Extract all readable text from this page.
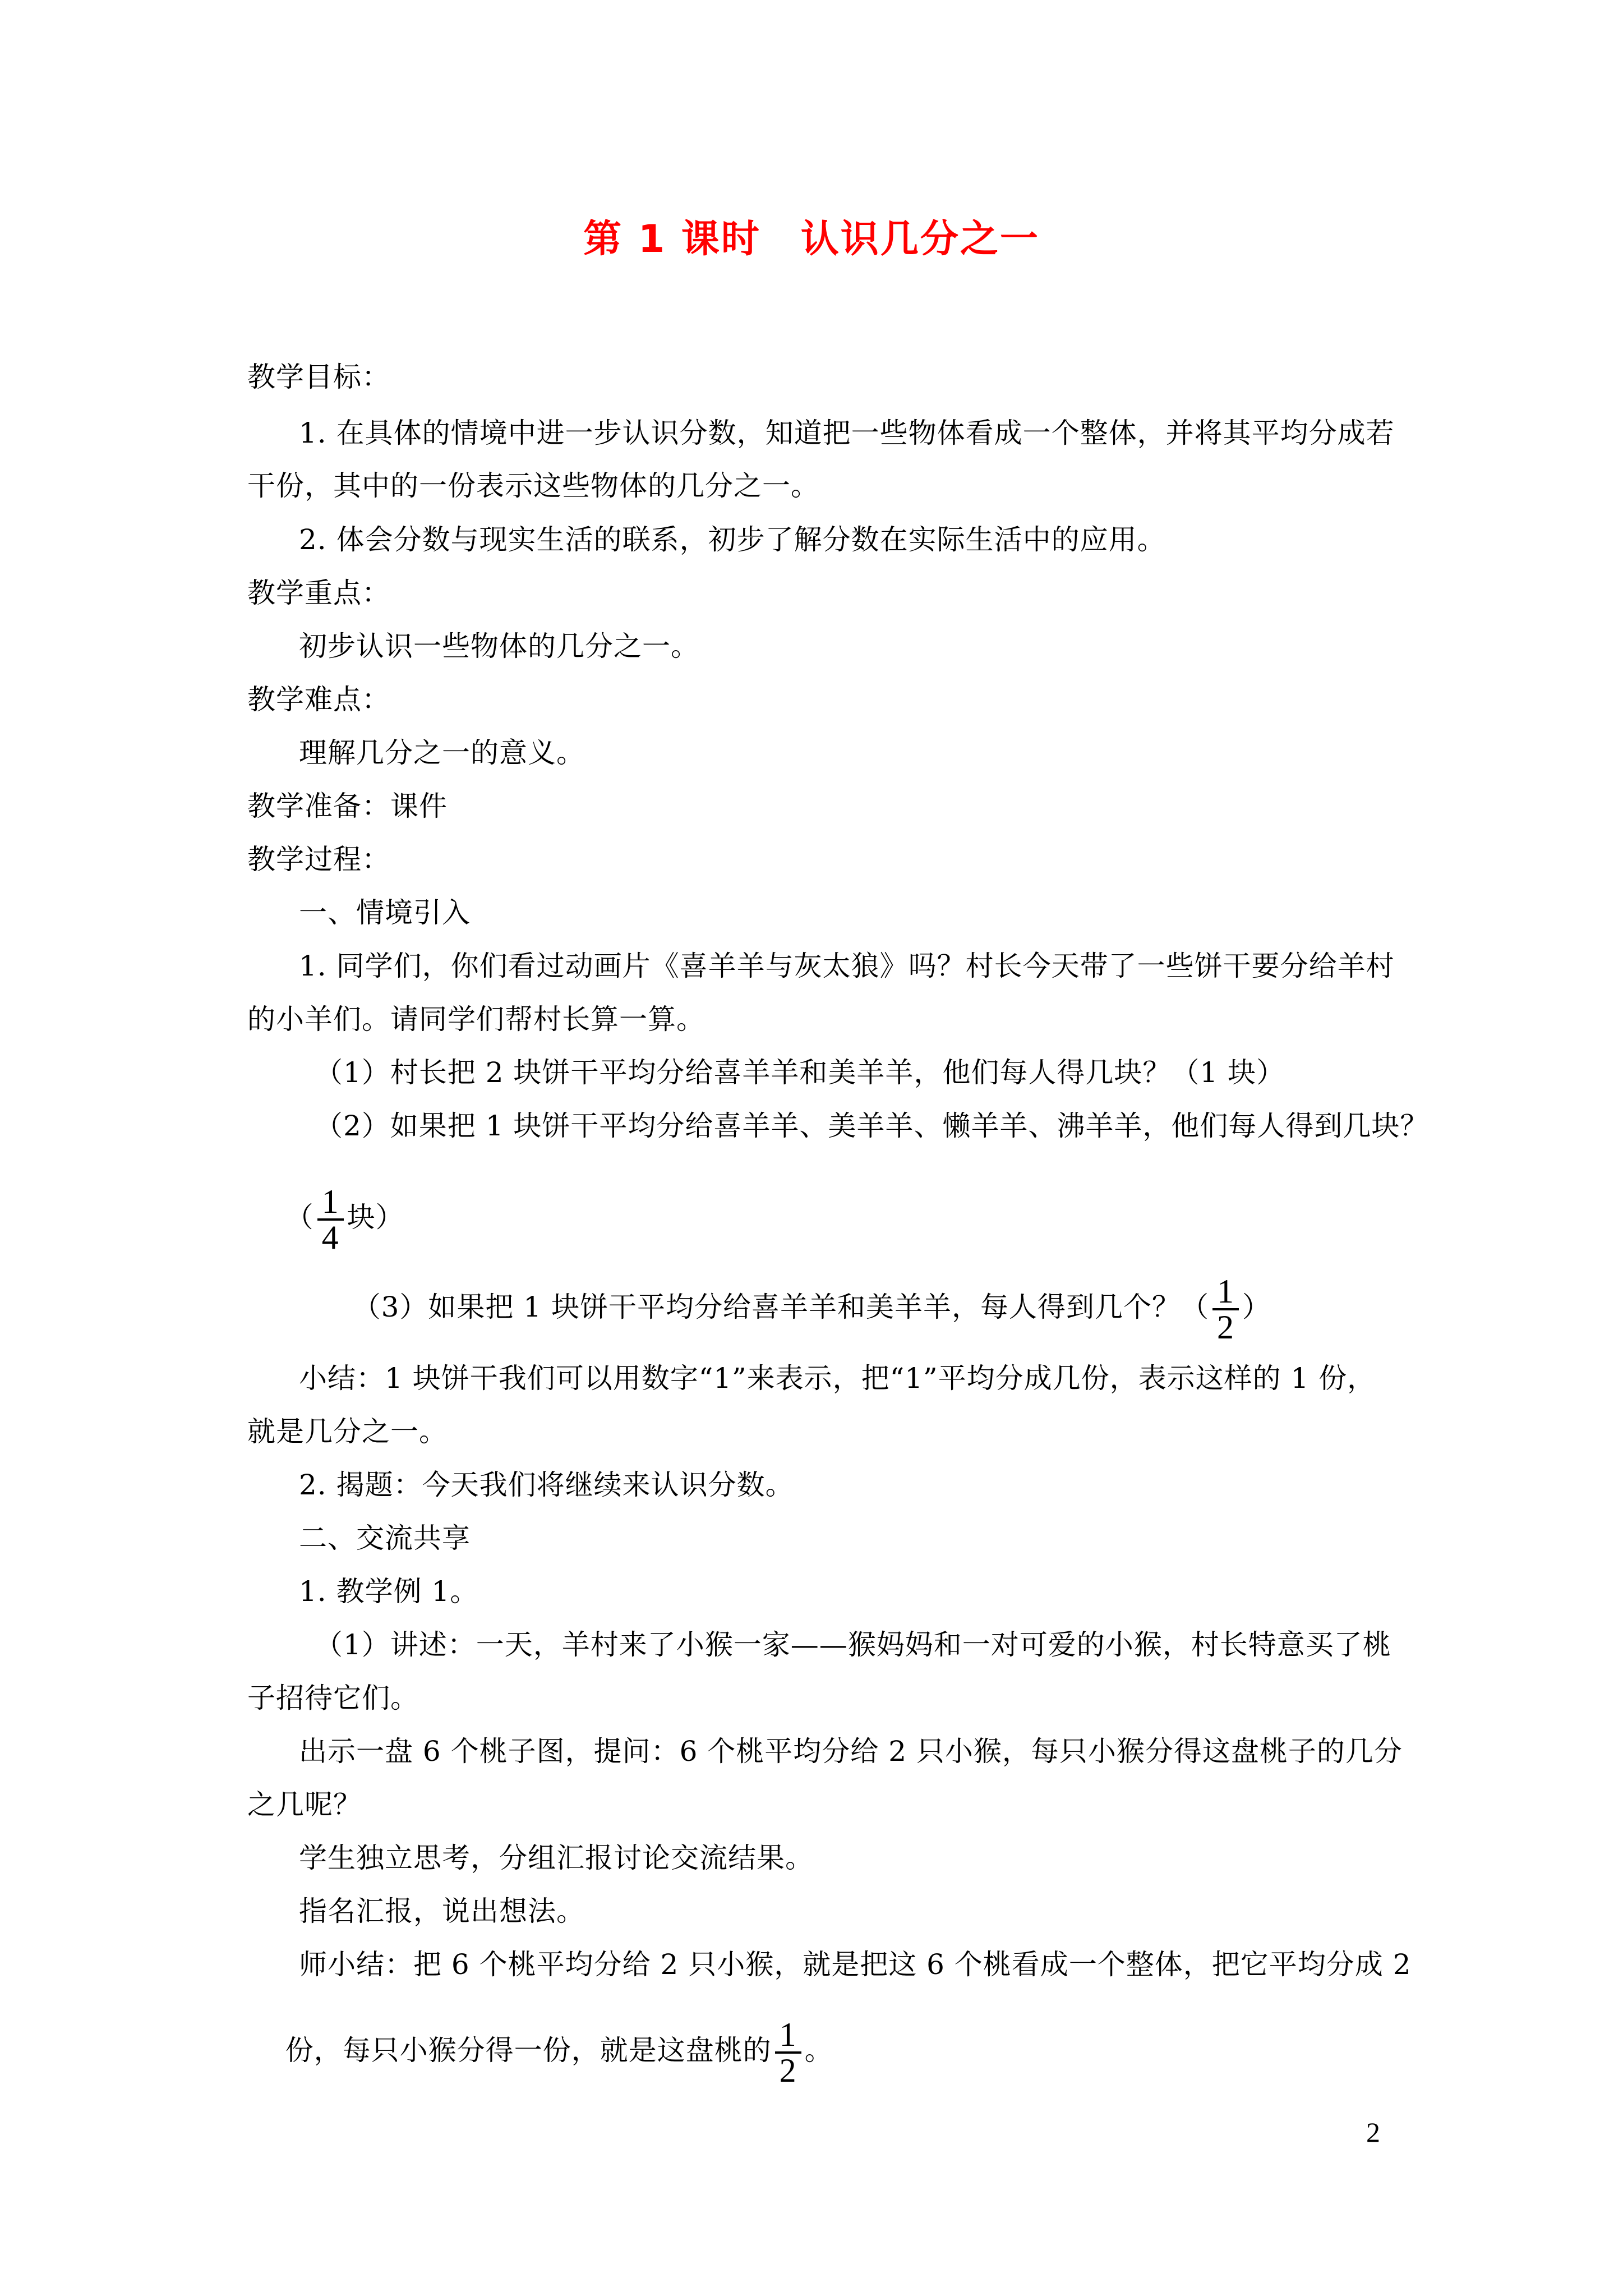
第 1 课时　认识几分之一
教学目标：
1. 在具体的情境中进一步认识分数，知道把一些物体看成一个整体，并将其平均分成若
干份，其中的一份表示这些物体的几分之一。
2. 体会分数与现实生活的联系，初步了解分数在实际生活中的应用。
教学重点：
初步认识一些物体的几分之一。
教学难点：
理解几分之一的意义。
教学准备：课件
教学过程：
一、情境引入
1. 同学们，你们看过动画片《喜羊羊与灰太狼》吗？村长今天带了一些饼干要分给羊村
的小羊们。请同学们帮村长算一算。
（1）村长把 2 块饼干平均分给喜羊羊和美羊羊，他们每人得几块？（1 块）
（2）如果把 1 块饼干平均分给喜羊羊、美羊羊、懒羊羊、沸羊羊，他们每人得到几块？

（ $\frac{1}{4}$ 块）

（3）如果把 1 块饼干平均分给喜羊羊和美羊羊，每人得到几个？（ $\frac{1}{2}$ ）

小结：1 块饼干我们可以用数字“1”来表示，把“1”平均分成几份，表示这样的 1 份，
就是几分之一。
2. 揭题：今天我们将继续来认识分数。
二、交流共享
1. 教学例 1。
（1）讲述：一天，羊村来了小猴一家——猴妈妈和一对可爱的小猴，村长特意买了桃
子招待它们。
出示一盘 6 个桃子图，提问：6 个桃平均分给 2 只小猴，每只小猴分得这盘桃子的几分
之几呢？
学生独立思考，分组汇报讨论交流结果。
指名汇报，说出想法。
师小结：把 6 个桃平均分给 2 只小猴，就是把这 6 个桃看成一个整体，把它平均分成 2

份，每只小猴分得一份，就是这盘桃的 $\frac{1}{2}$ 。

2
